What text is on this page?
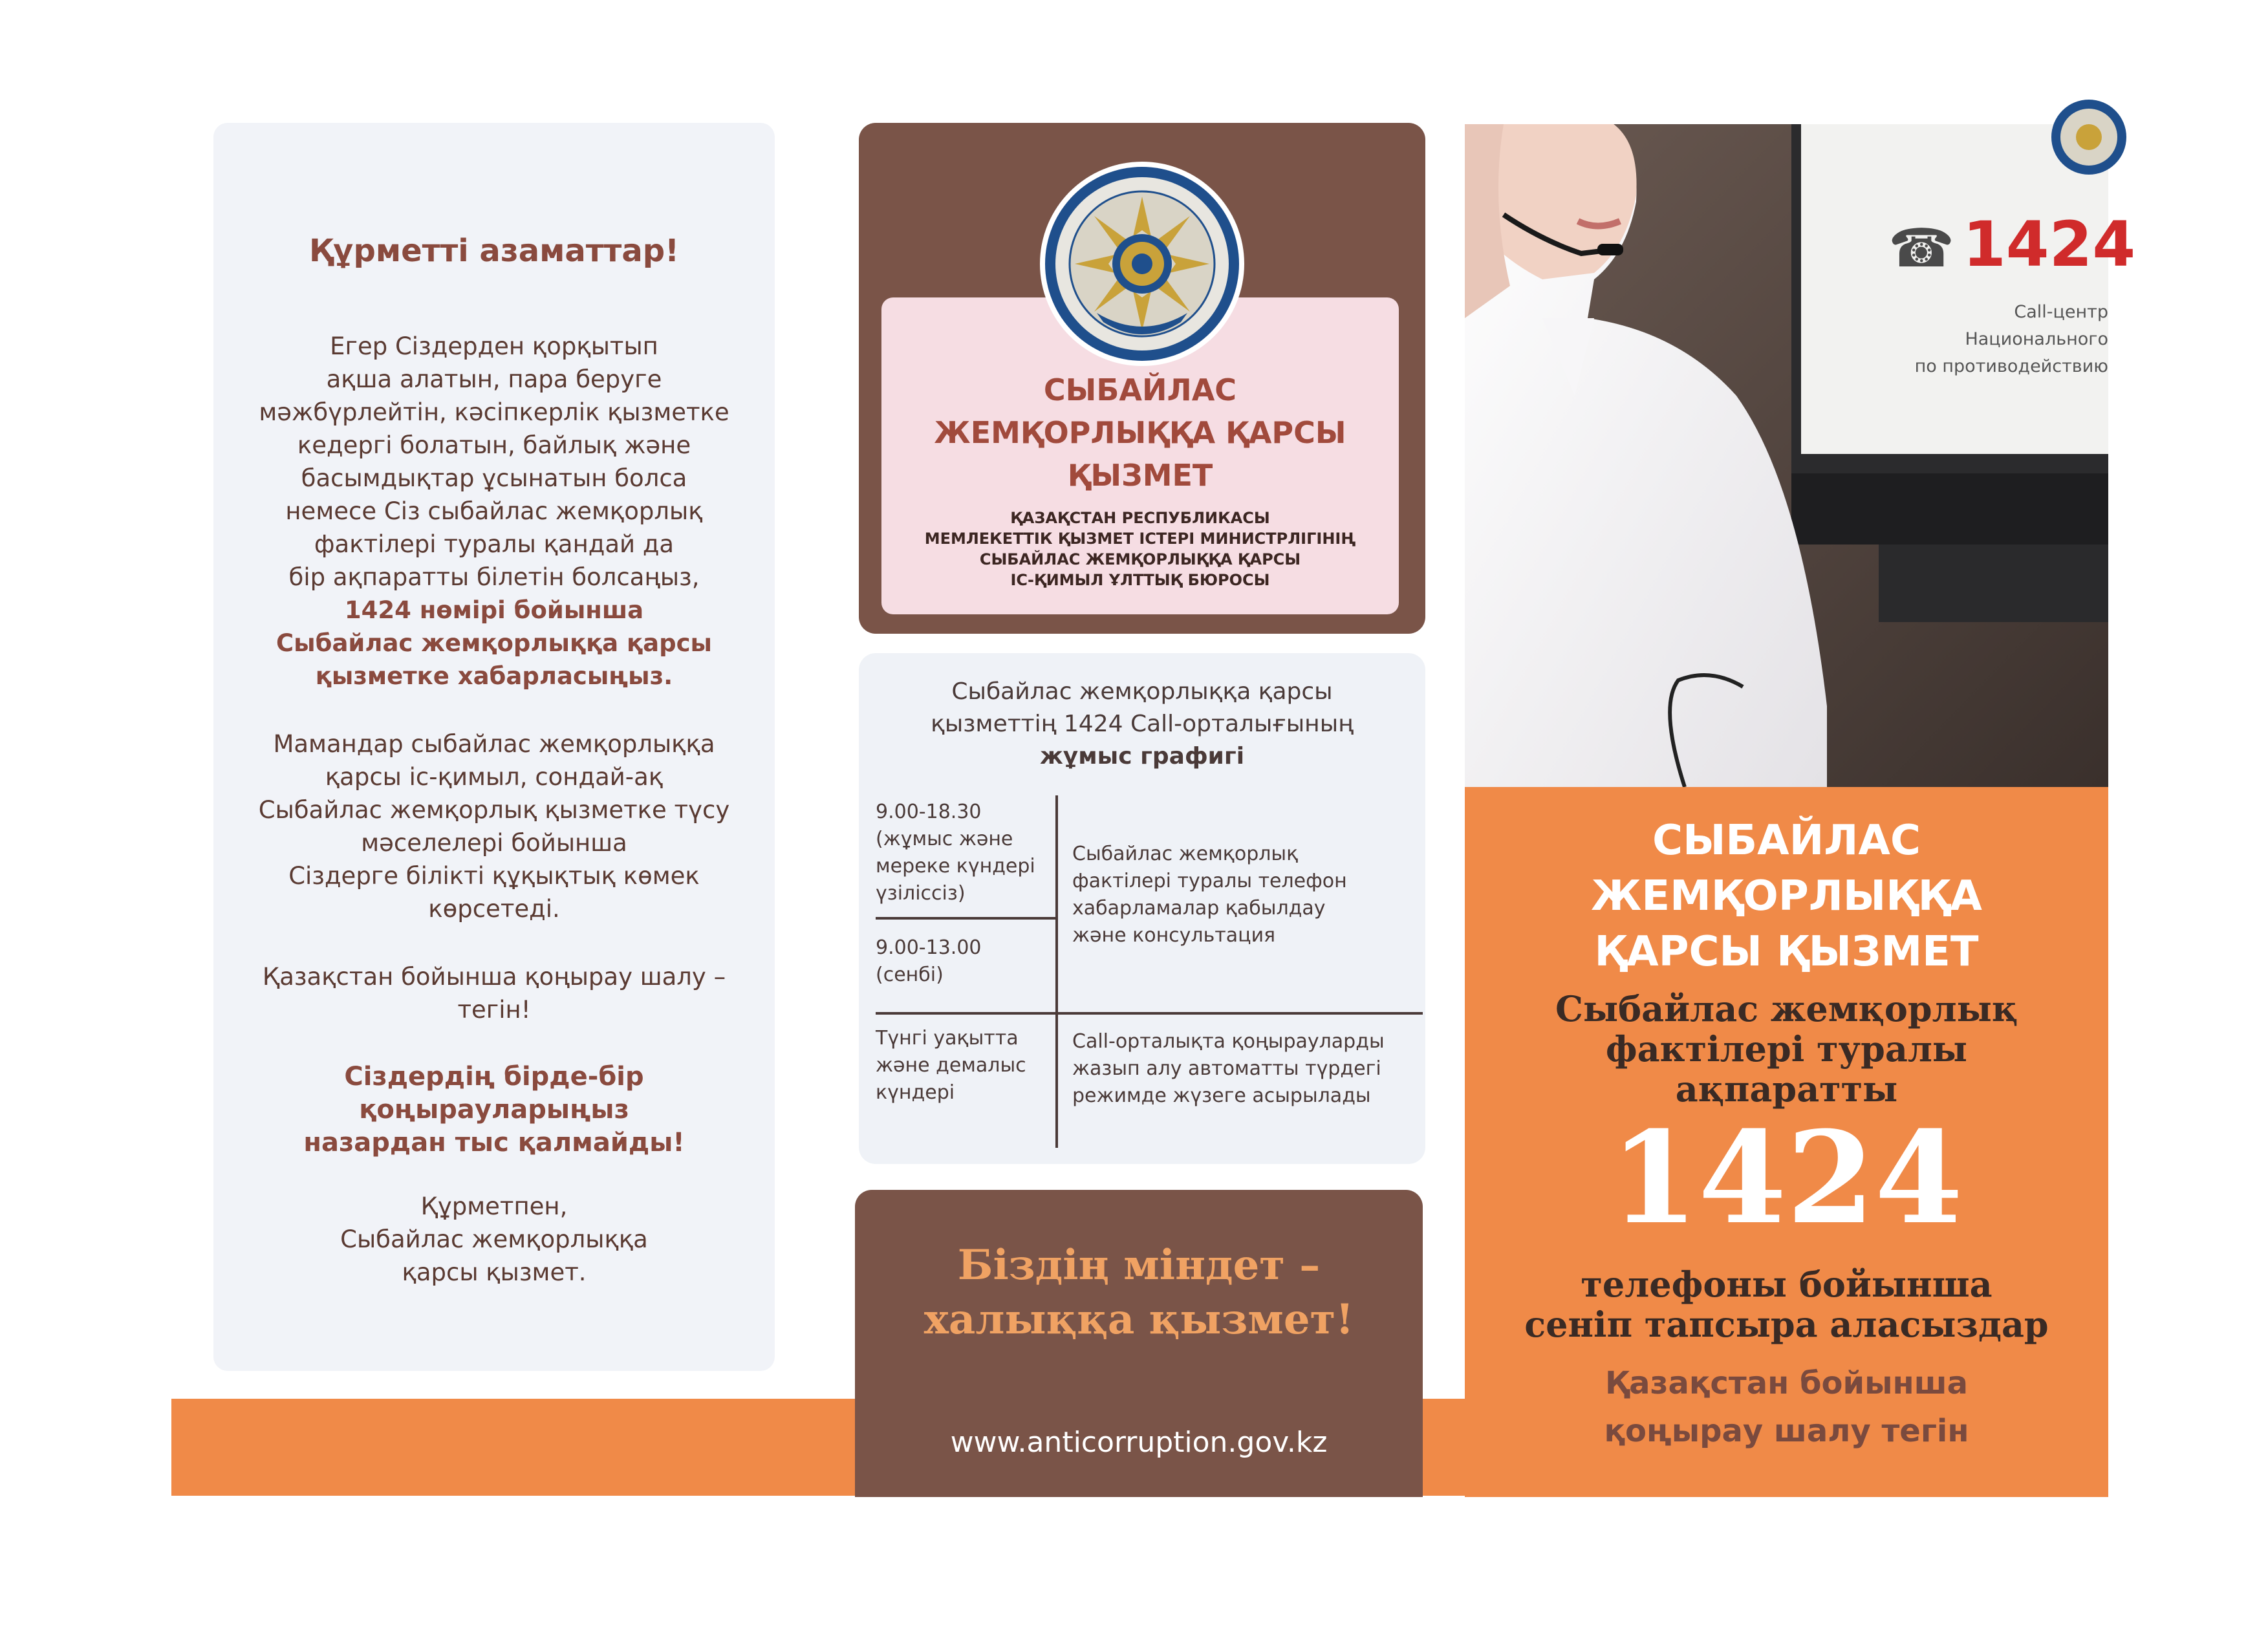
Құрметті азаматтар!
Егер Сіздерден қорқытып
ақша алатын, пара беруге
мәжбүрлейтін, кәсіпкерлік қызметке
кедергі болатын, байлық және
басымдықтар ұсынатын болса
немесе Сіз сыбайлас жемқорлық
фактілері туралы қандай да
бір ақпаратты білетін болсаңыз,
1424 нөмірі бойынша
Сыбайлас жемқорлыққа қарсы
қызметке хабарласыңыз.
Мамандар сыбайлас жемқорлыққа
қарсы іс-қимыл, сондай-ақ
Сыбайлас жемқорлық қызметке түсу
мәселелері бойынша
Сіздерге білікті құқықтық көмек
көрсетеді.
Қазақстан бойынша қоңырау шалу –
тегін!
Сіздердің бірде-бір
қоңырауларыңыз
назардан тыс қалмайды!
Құрметпен,
Сыбайлас жемқорлыққа
қарсы қызмет.
СЫБАЙЛАС
ЖЕМҚОРЛЫҚҚА ҚАРСЫ
ҚЫЗМЕТ
ҚАЗАҚСТАН РЕСПУБЛИКАСЫ
МЕМЛЕКЕТТІК ҚЫЗМЕТ ІСТЕРІ МИНИСТРЛІГІНІҢ
СЫБАЙЛАС ЖЕМҚОРЛЫҚҚА ҚАРСЫ
ІС-ҚИМЫЛ ҰЛТТЫҚ БЮРОСЫ
Сыбайлас жемқорлыққа қарсы
қызметтің 1424 Call-орталығының
жұмыс графигі
9.00-18.30
(жұмыс және
мереке күндері
үзіліссіз)
9.00-13.00
(сенбі)
Түнгі уақытта
және демалыс
күндері
Сыбайлас жемқорлық
фактілері туралы телефон
хабарламалар қабылдау
және консультация
Call-орталықта қоңырауларды
жазып алу автоматты түрдегі
режимде жүзеге асырылады
Біздің міндет –
халыққа қызмет!
www.anticorruption.gov.kz
☎ 1424
Call-центр
Национального
по противодействию
СЫБАЙЛАС
ЖЕМҚОРЛЫҚҚА
ҚАРСЫ ҚЫЗМЕТ
Сыбайлас жемқорлық
фактілері туралы
ақпаратты
1424
телефоны бойынша
сеніп тапсыра аласыздар
Қазақстан бойынша
қоңырау шалу тегін
